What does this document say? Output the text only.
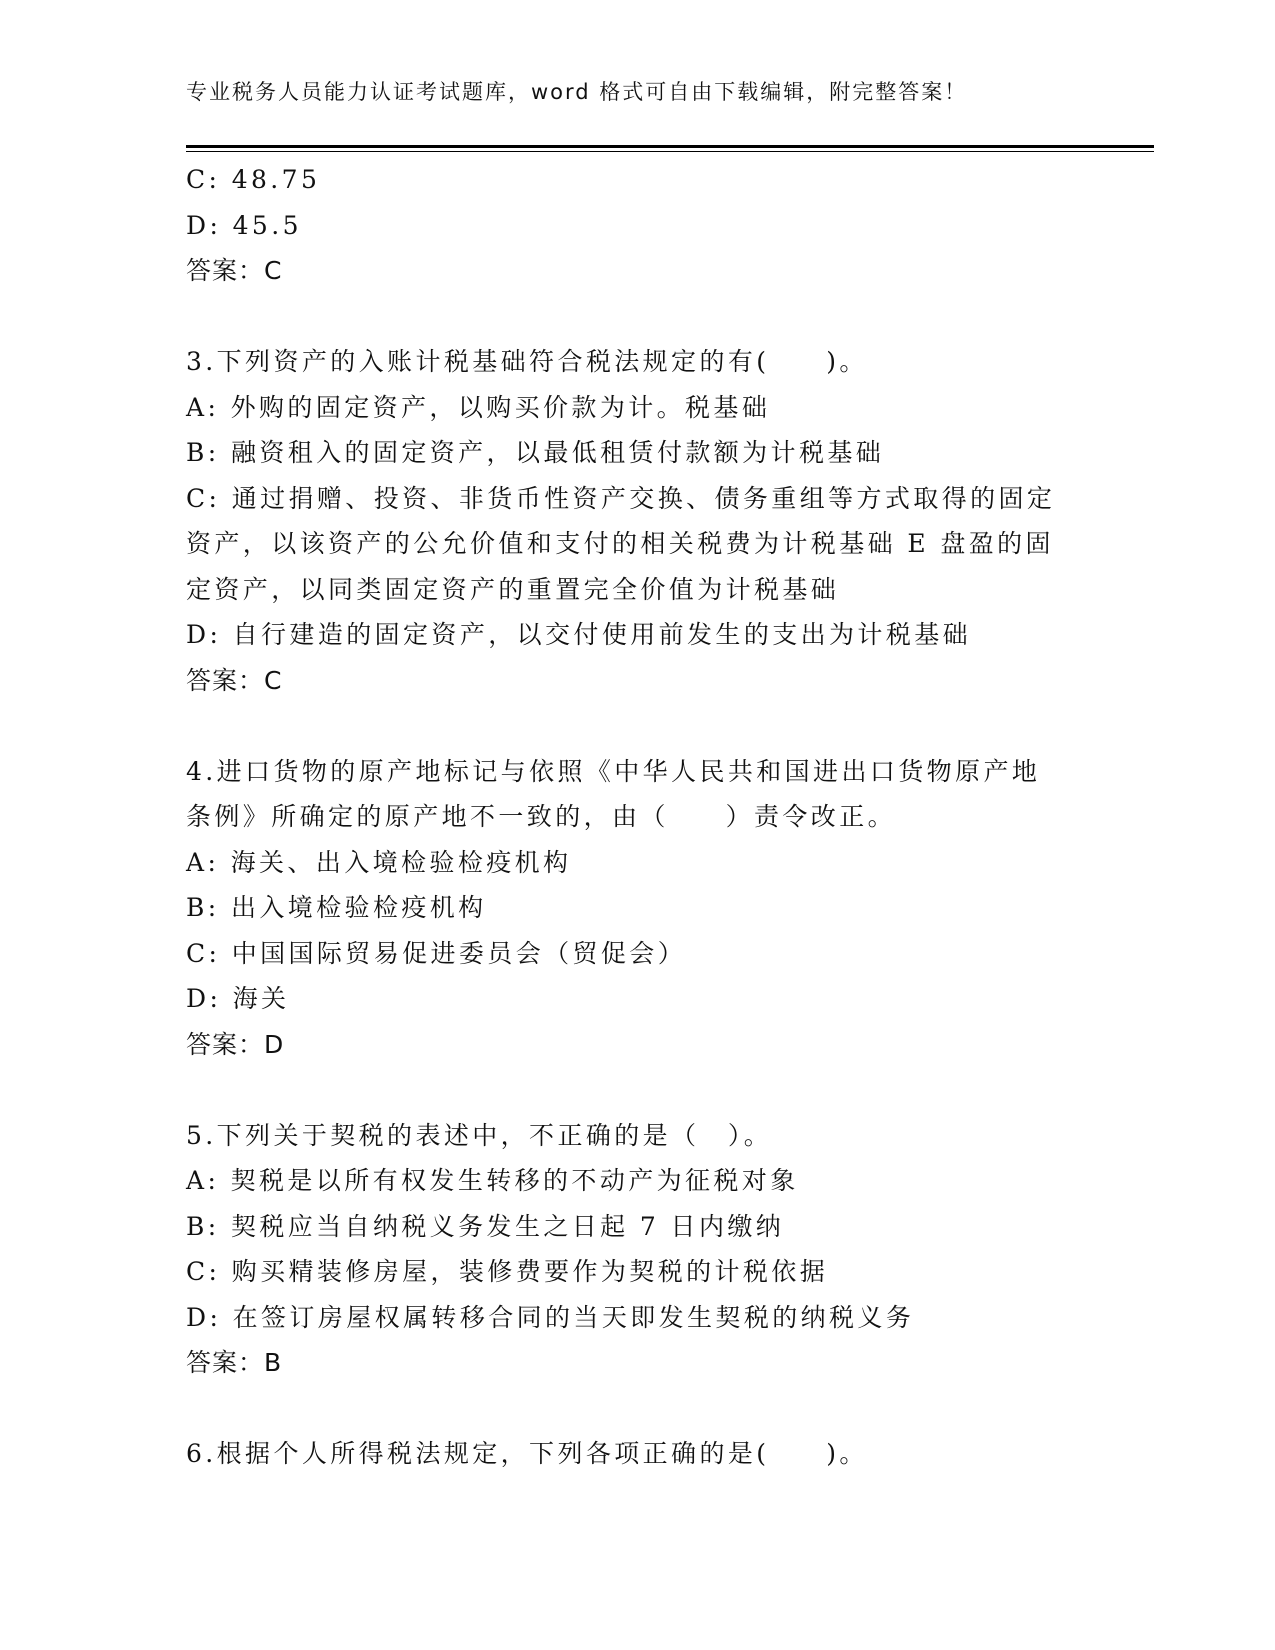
专业税务人员能力认证考试题库，word 格式可自由下载编辑，附完整答案！
C: 48.75
D: 45.5
答案：C
3.下列资产的入账计税基础符合税法规定的有(　　)。
A: 外购的固定资产，以购买价款为计。税基础
B: 融资租入的固定资产，以最低租赁付款额为计税基础
C: 通过捐赠、投资、非货币性资产交换、债务重组等方式取得的固定
资产，以该资产的公允价值和支付的相关税费为计税基础 E 盘盈的固
定资产，以同类固定资产的重置完全价值为计税基础
D: 自行建造的固定资产，以交付使用前发生的支出为计税基础
答案：C
4.进口货物的原产地标记与依照《中华人民共和国进出口货物原产地
条例》所确定的原产地不一致的，由（　　）责令改正。
A: 海关、出入境检验检疫机构
B: 出入境检验检疫机构
C: 中国国际贸易促进委员会（贸促会）
D: 海关
答案：D
5.下列关于契税的表述中，不正确的是（　）。
A: 契税是以所有权发生转移的不动产为征税对象
B: 契税应当自纳税义务发生之日起 7 日内缴纳
C: 购买精装修房屋，装修费要作为契税的计税依据
D: 在签订房屋权属转移合同的当天即发生契税的纳税义务
答案：B
6.根据个人所得税法规定，下列各项正确的是(　　)。
